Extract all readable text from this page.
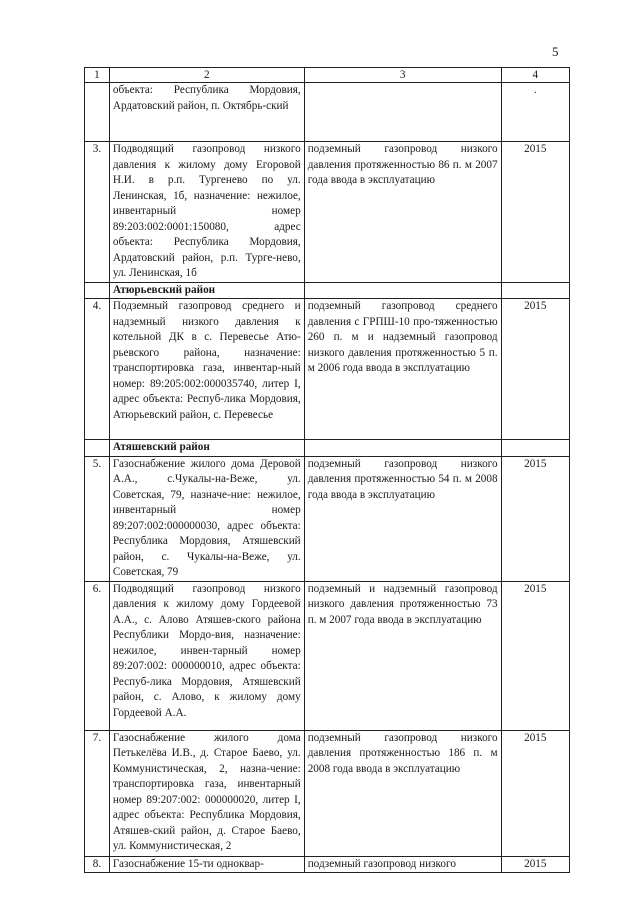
5
1	2	3	4
	объекта: Республика Мордовия, Ардатовский район, п. Октябрь-ский		.
3.	Подводящий газопровод низкого давления к жилому дому Егоровой Н.И. в р.п. Тургенево по ул. Ленинская, 1б, назначение: нежилое, инвентарный номер 89:203:002:0001:150080, адрес объекта: Республика Мордовия, Ардатовский район, р.п. Турге-нево, ул. Ленинская, 1б	подземный газопровод низкого давления протяженностью 86 п. м 2007 года ввода в эксплуатацию	2015
	Атюрьевский район		
4.	Подземный газопровод среднего и надземный низкого давления к котельной ДК в с. Перевесье Атю-рьевского района, назначение: транспортировка газа, инвентар-ный номер: 89:205:002:000035740, литер I, адрес объекта: Респуб-лика Мордовия, Атюрьевский район, с. Перевесье	подземный газопровод среднего давления с ГРПШ-10 про-тяженностью 260 п. м и надземный газопровод низкого давления протяженностью 5 п. м 2006 года ввода в эксплуатацию	2015
	Атяшевский район		
5.	Газоснабжение жилого дома Деровой А.А., с.Чукалы-на-Веже, ул. Советская, 79, назначе-ние: нежилое, инвентарный номер 89:207:002:000000030, адрес объекта: Республика Мордовия, Атяшевский район, с. Чукалы-на-Веже, ул. Советская, 79	подземный газопровод низкого давления протяженностью 54 п. м 2008 года ввода в эксплуатацию	2015
6.	Подводящий газопровод низкого давления к жилому дому Гордеевой А.А., с. Алово Атяшев-ского района Республики Мордо-вия, назначение: нежилое, инвен-тарный номер 89:207:002: 000000010, адрес объекта: Респуб-лика Мордовия, Атяшевский район, с. Алово, к жилому дому Гордеевой А.А.	подземный и надземный газопровод низкого давления протяженностью 73 п. м 2007 года ввода в эксплуатацию	2015
7.	Газоснабжение жилого дома Петькелёва И.В., д. Старое Баево, ул. Коммунистическая, 2, назна-чение: транспортировка газа, инвентарный номер 89:207:002: 000000020, литер I, адрес объекта: Республика Мордовия, Атяшев-ский район, д. Старое Баево, ул. Коммунистическая, 2	подземный газопровод низкого давления протяженностью 186 п. м 2008 года ввода в эксплуатацию	2015
8.	Газоснабжение 15-ти одноквар-	подземный газопровод низкого	2015
